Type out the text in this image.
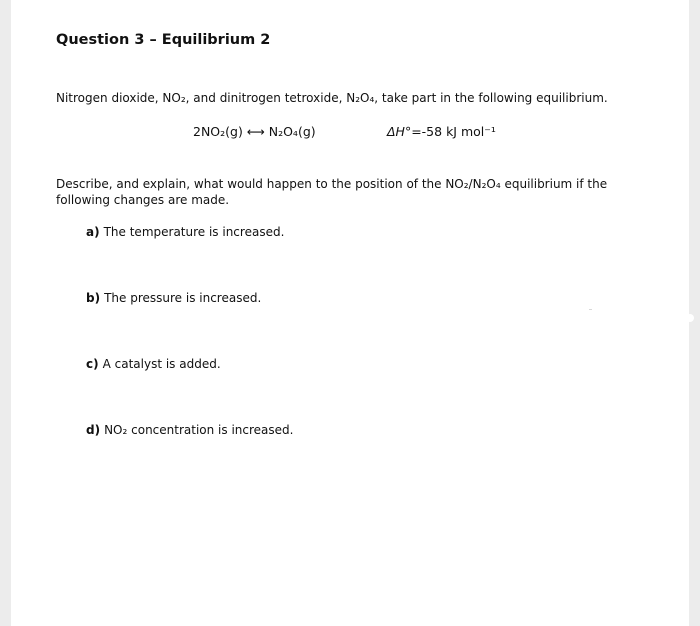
Question 3 – Equilibrium 2
Nitrogen dioxide, NO₂, and dinitrogen tetroxide, N₂O₄, take part in the following equilibrium.
2NO₂(g) ⟷ N₂O₄(g)	ΔH°=-58 kJ mol⁻¹
Describe, and explain, what would happen to the position of the NO₂/N₂O₄ equilibrium if the following changes are made.
a) The temperature is increased.
b) The pressure is increased.
c) A catalyst is added.
d) NO₂ concentration is increased.
